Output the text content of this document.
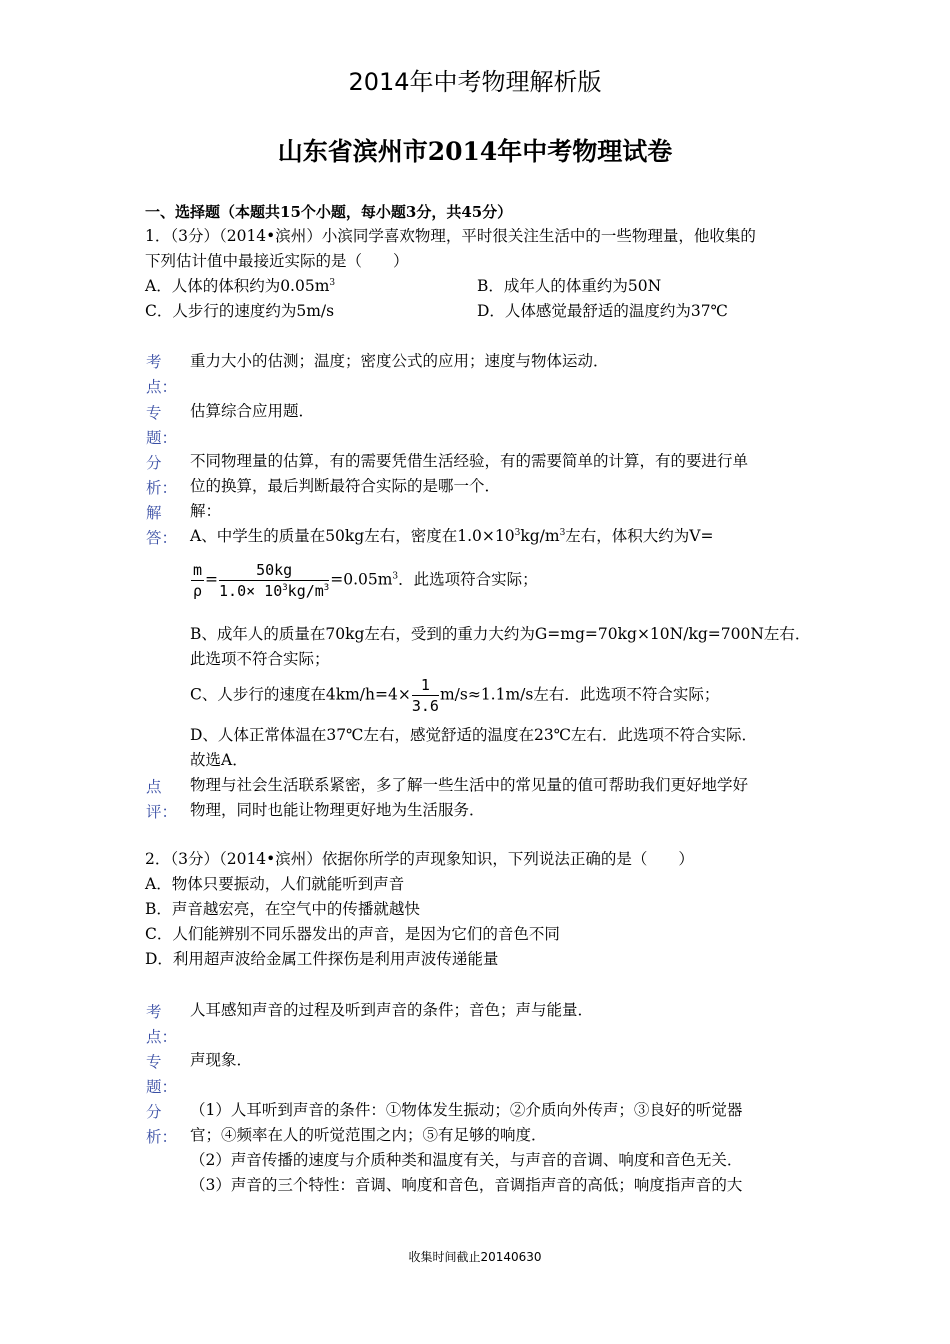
2014年中考物理解析版
山东省滨州市2014年中考物理试卷
一、选择题（本题共15个小题，每小题3分，共45分）
1．（3分）（2014•滨州）小滨同学喜欢物理，平时很关注生活中的一些物理量，他收集的
下列估计值中最接近实际的是（　　）
A．人体的体积约为$0.05m^3$	B．成年人的体重约为50N
C．人步行的速度约为5m/s	D．人体感觉最舒适的温度约为37℃
考
点：
重力大小的估测；温度；密度公式的应用；速度与物体运动．
专
题：
估算综合应用题．
分
析：
不同物理量的估算，有的需要凭借生活经验，有的需要简单的计算，有的要进行单
位的换算，最后判断最符合实际的是哪一个．
解
答：
解：
A、中学生的质量在50kg左右，密度在$1.0\times 10^3kg/m^3$左右，体积大约为V=
$\frac{m}{\rho} = \frac{50kg}{1.0\times 10^3kg/m^3} =0.05m^3$．此选项符合实际；
B、成年人的质量在70kg左右，受到的重力大约为G=mg=70kg×10N/kg=700N左右．
此选项不符合实际；
C、人步行的速度在$4km/h=4\times \frac{1}{3.6} m/s\approx 1.1m/s$左右．此选项不符合实际；
D、人体正常体温在37℃左右，感觉舒适的温度在23℃左右．此选项不符合实际．
故选A．
点
评：
物理与社会生活联系紧密，多了解一些生活中的常见量的值可帮助我们更好地学好
物理，同时也能让物理更好地为生活服务．
2．（3分）（2014•滨州）依据你所学的声现象知识，下列说法正确的是（　　）
A．物体只要振动，人们就能听到声音
B．声音越宏亮，在空气中的传播就越快
C．人们能辨别不同乐器发出的声音，是因为它们的音色不同
D．利用超声波给金属工件探伤是利用声波传递能量
考
点：
人耳感知声音的过程及听到声音的条件；音色；声与能量．
专
题：
声现象．
分
析：
（1）人耳听到声音的条件：①物体发生振动；②介质向外传声；③良好的听觉器
官；④频率在人的听觉范围之内；⑤有足够的响度．
（2）声音传播的速度与介质种类和温度有关，与声音的音调、响度和音色无关．
（3）声音的三个特性：音调、响度和音色，音调指声音的高低；响度指声音的大
收集时间截止20140630
